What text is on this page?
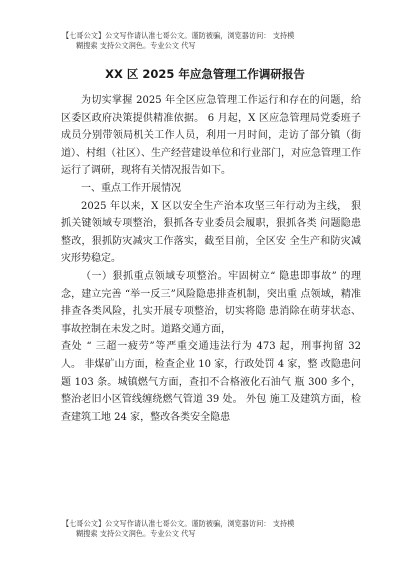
【七哥公文】公文写作请认准七哥公文。谨防被骗，浏览器访问： 支持模
糊搜索 支持公文润色。专业公文 代写
XX 区 2025 年应急管理工作调研报告

为切实掌握 2025 年全区应急管理工作运行和存在的问题，给区委区政府决策提供精准依据。 6 月起，X 区应急管理局党委班子成员分别带领局机关工作人员，利用一月时间，走访了部分镇（街道）、村组（社区）、生产经营建设单位和行业部门，对应急管理工作运行了调研，现将有关情况报告如下。

一、重点工作开展情况

2025 年以来，X 区以安全生产治本攻坚三年行动为主线， 狠抓关键领域专项整治，狠抓各专业委员会履职，狠抓各类 问题隐患整改，狠抓防灾减灾工作落实，截至目前，全区安 全生产和防灾减灾形势稳定。

（一）狠抓重点领域专项整治。牢固树立“ 隐患即事故” 的理念，建立完善 “举一反三”风险隐患排查机制，突出重 点领域，精准排查各类风险，扎实开展专项整治，切实将隐 患消除在萌芽状态、事故控制在未发之时。道路交通方面，

查处 “ 三超一疲劳”等严重交通违法行为 473 起，刑事拘留 32 人。 非煤矿山方面，检查企业 10 家，行政处罚 4 家，整 改隐患问题 103 条。城镇燃气方面，查扣不合格液化石油气 瓶 300 多个，整治老旧小区管线缠绕燃气管道 39 处。 外包 施工及建筑方面，检查建筑工地 24 家，整改各类安全隐患

【七哥公文】公文写作请认准七哥公文。谨防被骗，浏览器访问： 支持模
糊搜索 支持公文润色。专业公文 代写
